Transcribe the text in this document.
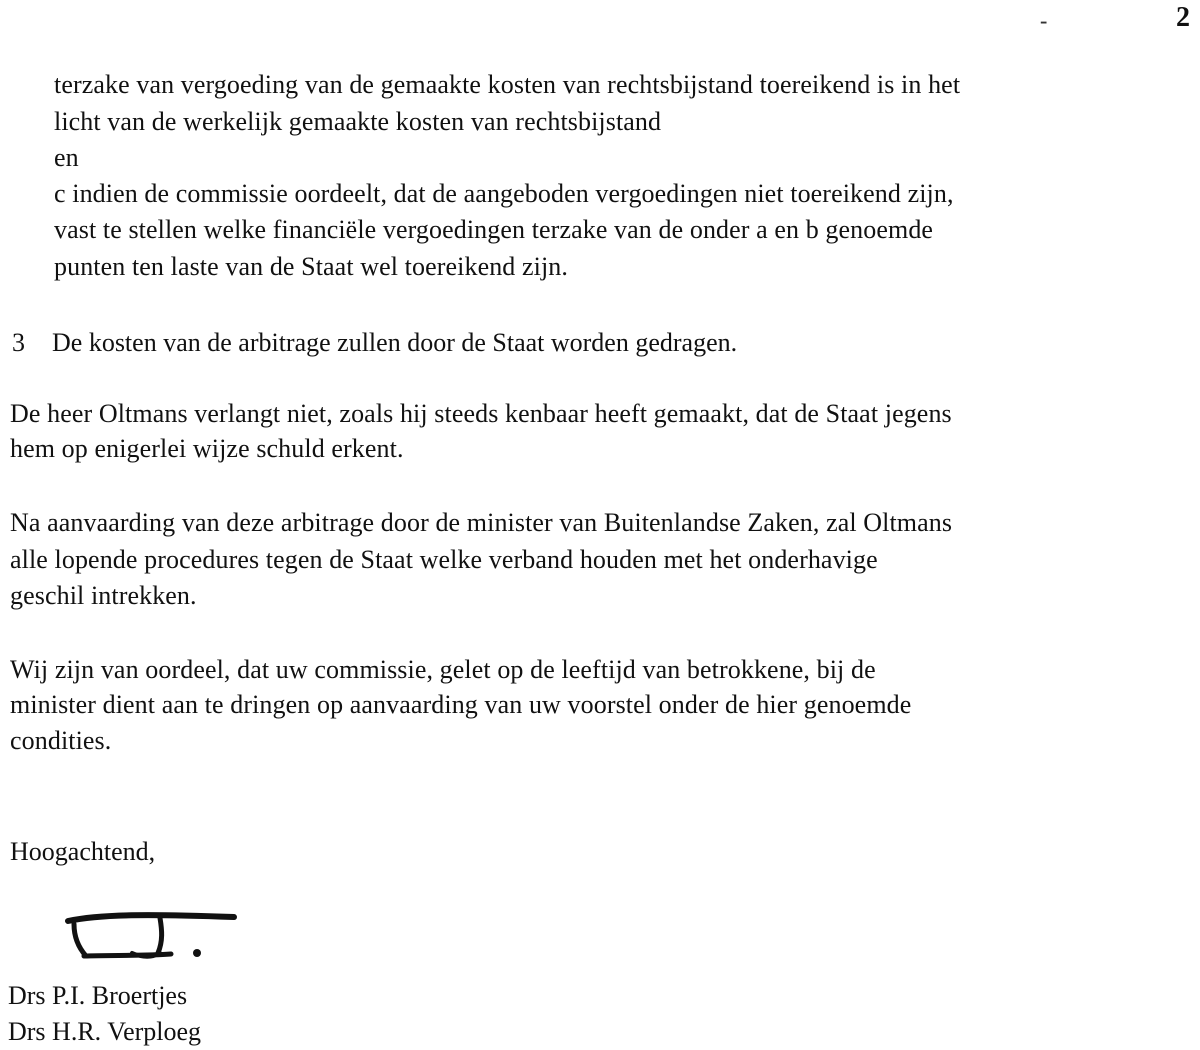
-	2
terzake van vergoeding van de gemaakte kosten van rechtsbijstand toereikend is in het
licht van de werkelijk gemaakte kosten van rechtsbijstand
en
c indien de commissie oordeelt, dat de aangeboden vergoedingen niet toereikend zijn,
vast te stellen welke financiële vergoedingen terzake van de onder a en b genoemde
punten ten laste van de Staat wel toereikend zijn.
3 De kosten van de arbitrage zullen door de Staat worden gedragen.
De heer Oltmans verlangt niet, zoals hij steeds kenbaar heeft gemaakt, dat de Staat jegens
hem op enigerlei wijze schuld erkent.
Na aanvaarding van deze arbitrage door de minister van Buitenlandse Zaken, zal Oltmans
alle lopende procedures tegen de Staat welke verband houden met het onderhavige
geschil intrekken.
Wij zijn van oordeel, dat uw commissie, gelet op de leeftijd van betrokkene, bij de
minister dient aan te dringen op aanvaarding van uw voorstel onder de hier genoemde
condities.
Hoogachtend,
Drs P.I. Broertjes
Drs H.R. Verploeg
